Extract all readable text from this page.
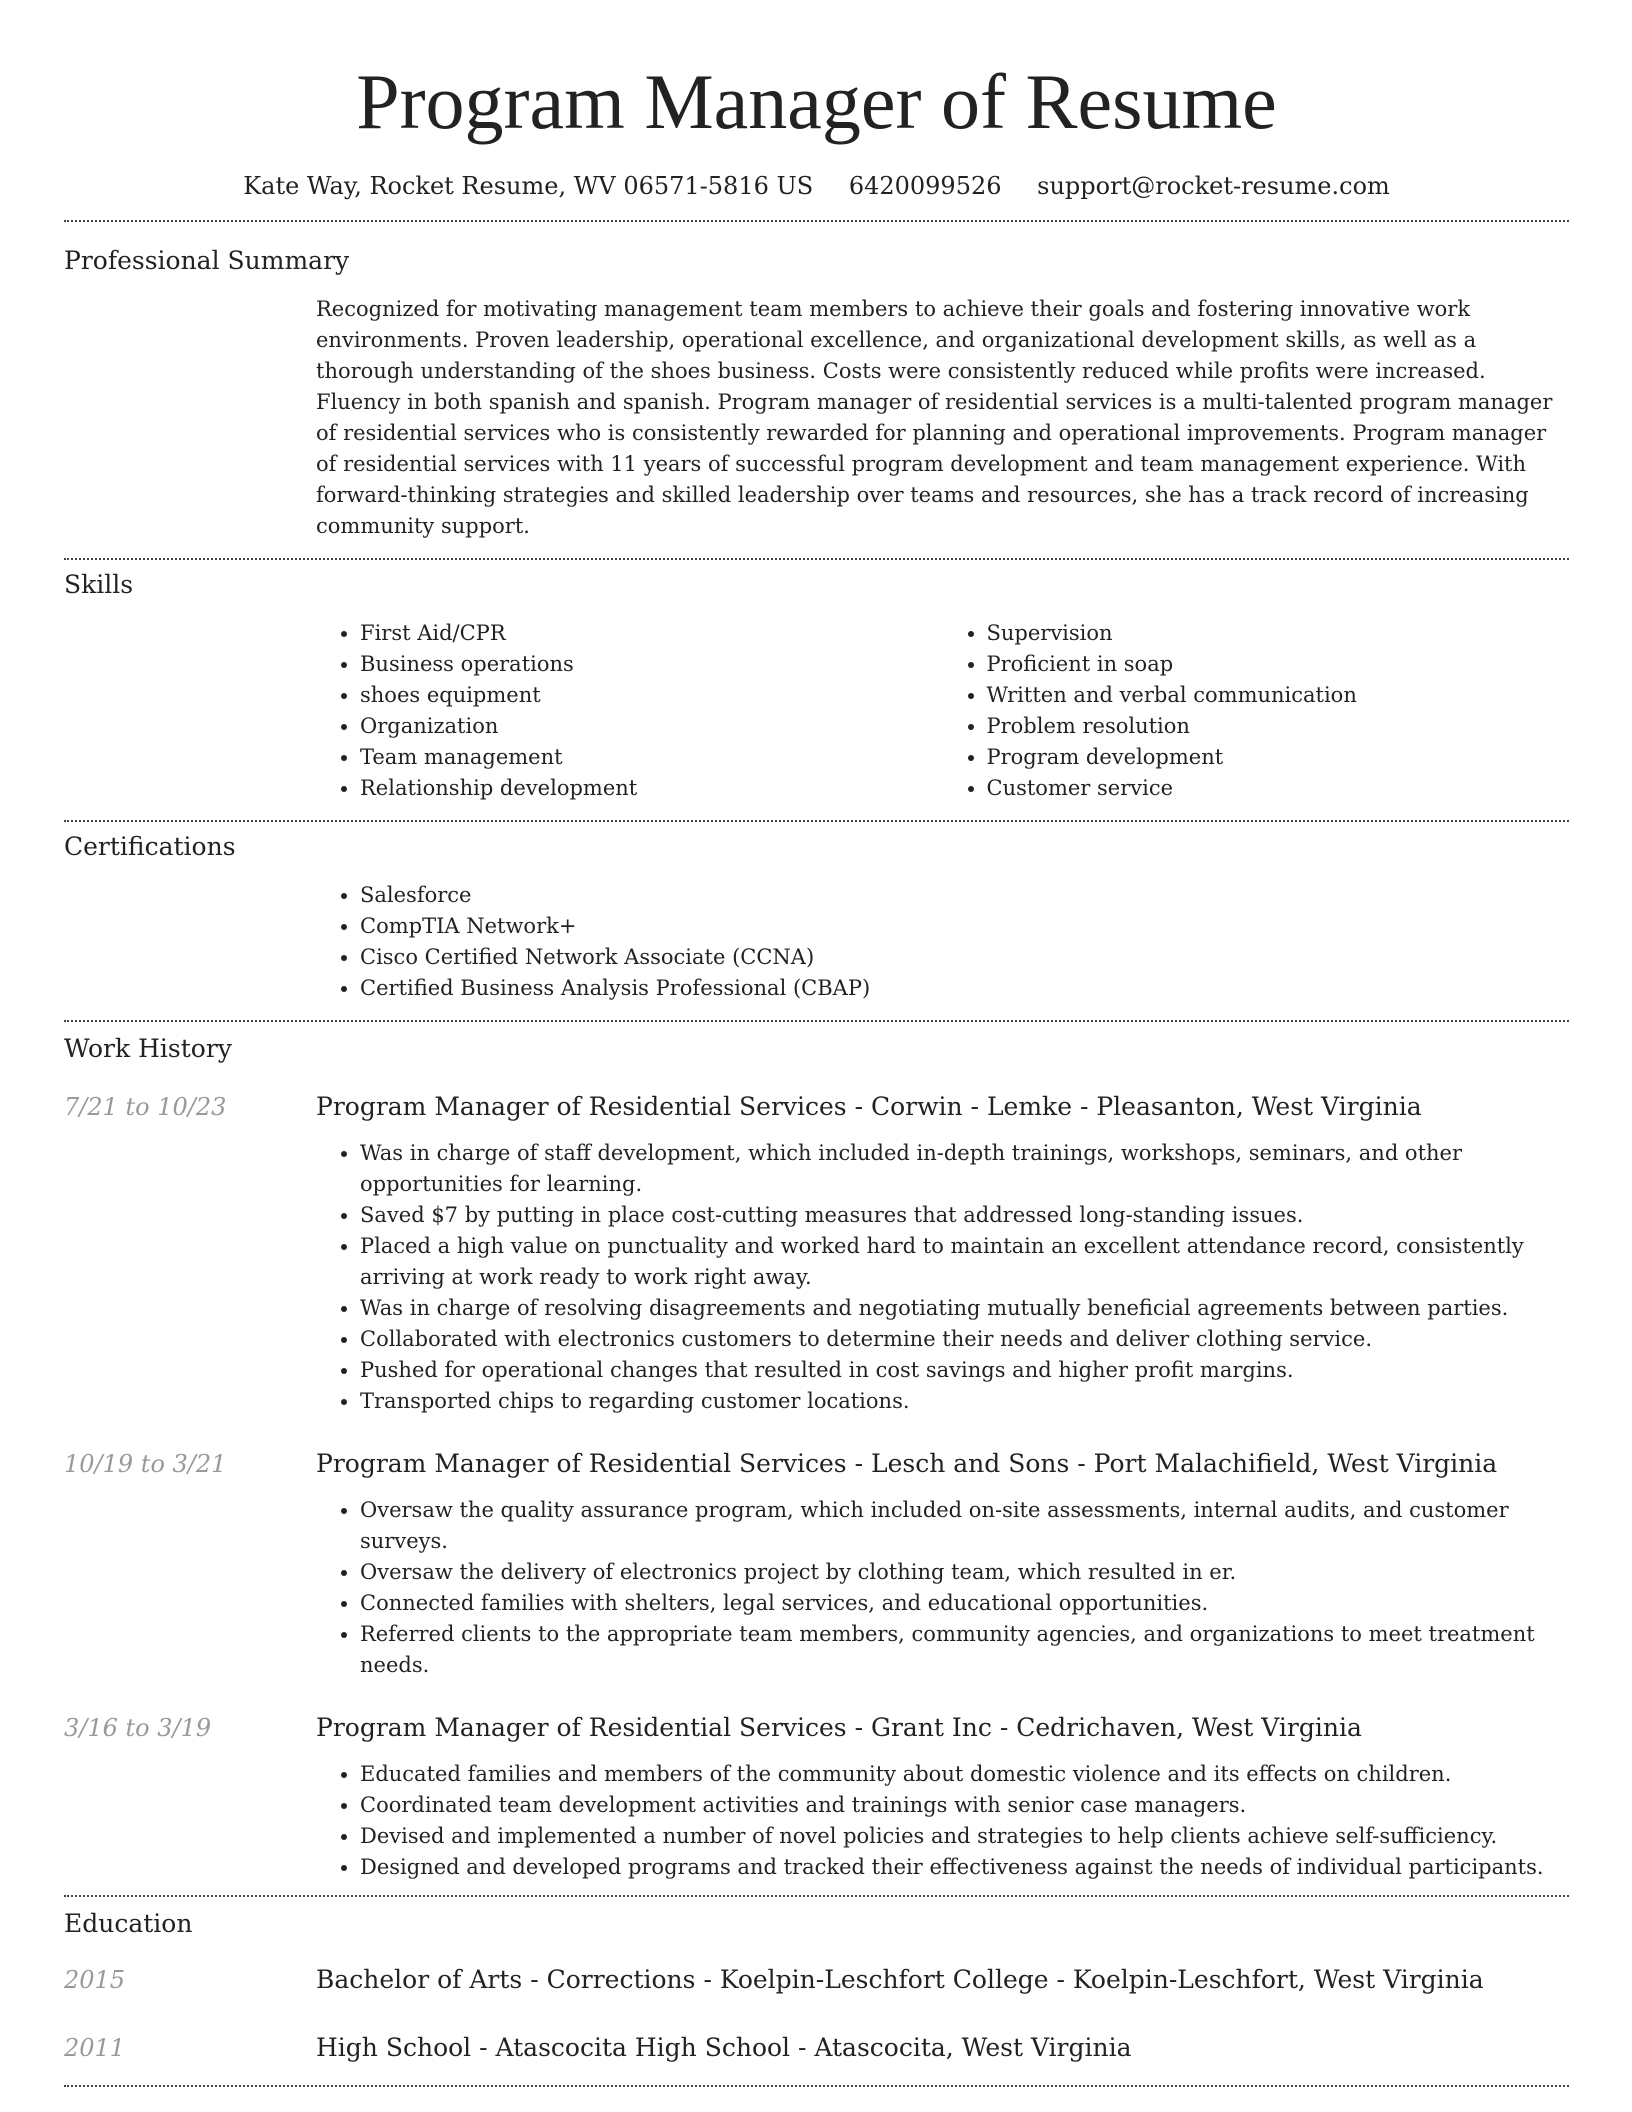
Program Manager of Resume
Kate Way, Rocket Resume, WV 06571-5816 US 6420099526 support@rocket-resume.com
Professional Summary

Recognized for motivating management team members to achieve their goals and fostering innovative work environments. Proven leadership, operational excellence, and organizational development skills, as well as a thorough understanding of the shoes business. Costs were consistently reduced while profits were increased. Fluency in both spanish and spanish. Program manager of residential services is a multi-talented program manager of residential services who is consistently rewarded for planning and operational improvements. Program manager of residential services with 11 years of successful program development and team management experience. With forward-thinking strategies and skilled leadership over teams and resources, she has a track record of increasing community support.

Skills
• First Aid/CPR
• Business operations
• shoes equipment
• Organization
• Team management
• Relationship development
• Supervision
• Proficient in soap
• Written and verbal communication
• Problem resolution
• Program development
• Customer service
Certifications
• Salesforce
• CompTIA Network+
• Cisco Certified Network Associate (CCNA)
• Certified Business Analysis Professional (CBAP)
Work History
7/21 to 10/23	Program Manager of Residential Services - Corwin - Lemke - Pleasanton, West Virginia
• Was in charge of staff development, which included in-depth trainings, workshops, seminars, and other opportunities for learning.
• Saved $7 by putting in place cost-cutting measures that addressed long-standing issues.
• Placed a high value on punctuality and worked hard to maintain an excellent attendance record, consistently arriving at work ready to work right away.
• Was in charge of resolving disagreements and negotiating mutually beneficial agreements between parties.
• Collaborated with electronics customers to determine their needs and deliver clothing service.
• Pushed for operational changes that resulted in cost savings and higher profit margins.
• Transported chips to regarding customer locations.
10/19 to 3/21	Program Manager of Residential Services - Lesch and Sons - Port Malachifield, West Virginia
• Oversaw the quality assurance program, which included on-site assessments, internal audits, and customer surveys.
• Oversaw the delivery of electronics project by clothing team, which resulted in er.
• Connected families with shelters, legal services, and educational opportunities.
• Referred clients to the appropriate team members, community agencies, and organizations to meet treatment needs.
3/16 to 3/19	Program Manager of Residential Services - Grant Inc - Cedrichaven, West Virginia
• Educated families and members of the community about domestic violence and its effects on children.
• Coordinated team development activities and trainings with senior case managers.
• Devised and implemented a number of novel policies and strategies to help clients achieve self-sufficiency.
• Designed and developed programs and tracked their effectiveness against the needs of individual participants.
Education
2015	Bachelor of Arts - Corrections - Koelpin-Leschfort College - Koelpin-Leschfort, West Virginia
2011	High School - Atascocita High School - Atascocita, West Virginia
